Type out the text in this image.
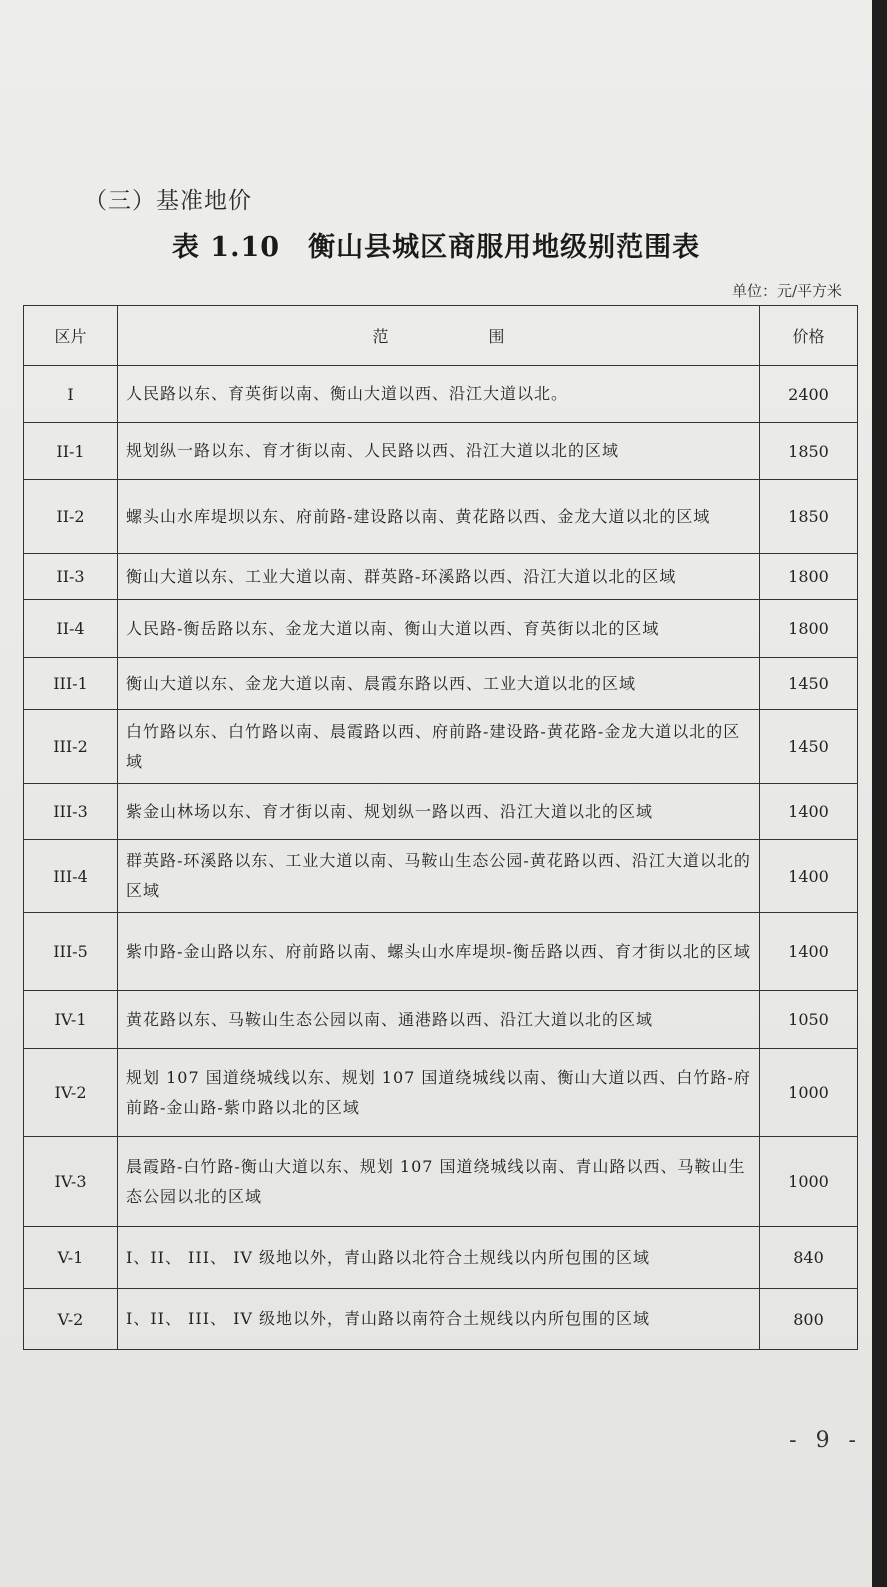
（三）基准地价
表 1.10 衡山县城区商服用地级别范围表
单位：元/平方米
区片	范 围	价格
I	人民路以东、育英街以南、衡山大道以西、沿江大道以北。	2400
II-1	规划纵一路以东、育才街以南、人民路以西、沿江大道以北的区域	1850
II-2	螺头山水库堤坝以东、府前路-建设路以南、黄花路以西、金龙大道以北的区域	1850
II-3	衡山大道以东、工业大道以南、群英路-环溪路以西、沿江大道以北的区域	1800
II-4	人民路-衡岳路以东、金龙大道以南、衡山大道以西、育英街以北的区域	1800
III-1	衡山大道以东、金龙大道以南、晨霞东路以西、工业大道以北的区域	1450
III-2	白竹路以东、白竹路以南、晨霞路以西、府前路-建设路-黄花路-金龙大道以北的区域	1450
III-3	紫金山林场以东、育才街以南、规划纵一路以西、沿江大道以北的区域	1400
III-4	群英路-环溪路以东、工业大道以南、马鞍山生态公园-黄花路以西、沿江大道以北的区域	1400
III-5	紫巾路-金山路以东、府前路以南、螺头山水库堤坝-衡岳路以西、育才街以北的区域	1400
IV-1	黄花路以东、马鞍山生态公园以南、通港路以西、沿江大道以北的区域	1050
IV-2	规划 107 国道绕城线以东、规划 107 国道绕城线以南、衡山大道以西、白竹路-府前路-金山路-紫巾路以北的区域	1000
IV-3	晨霞路-白竹路-衡山大道以东、规划 107 国道绕城线以南、青山路以西、马鞍山生态公园以北的区域	1000
V-1	I、II、 III、 IV 级地以外，青山路以北符合土规线以内所包围的区域	840
V-2	I、II、 III、 IV 级地以外，青山路以南符合土规线以内所包围的区域	800
- 9 -
